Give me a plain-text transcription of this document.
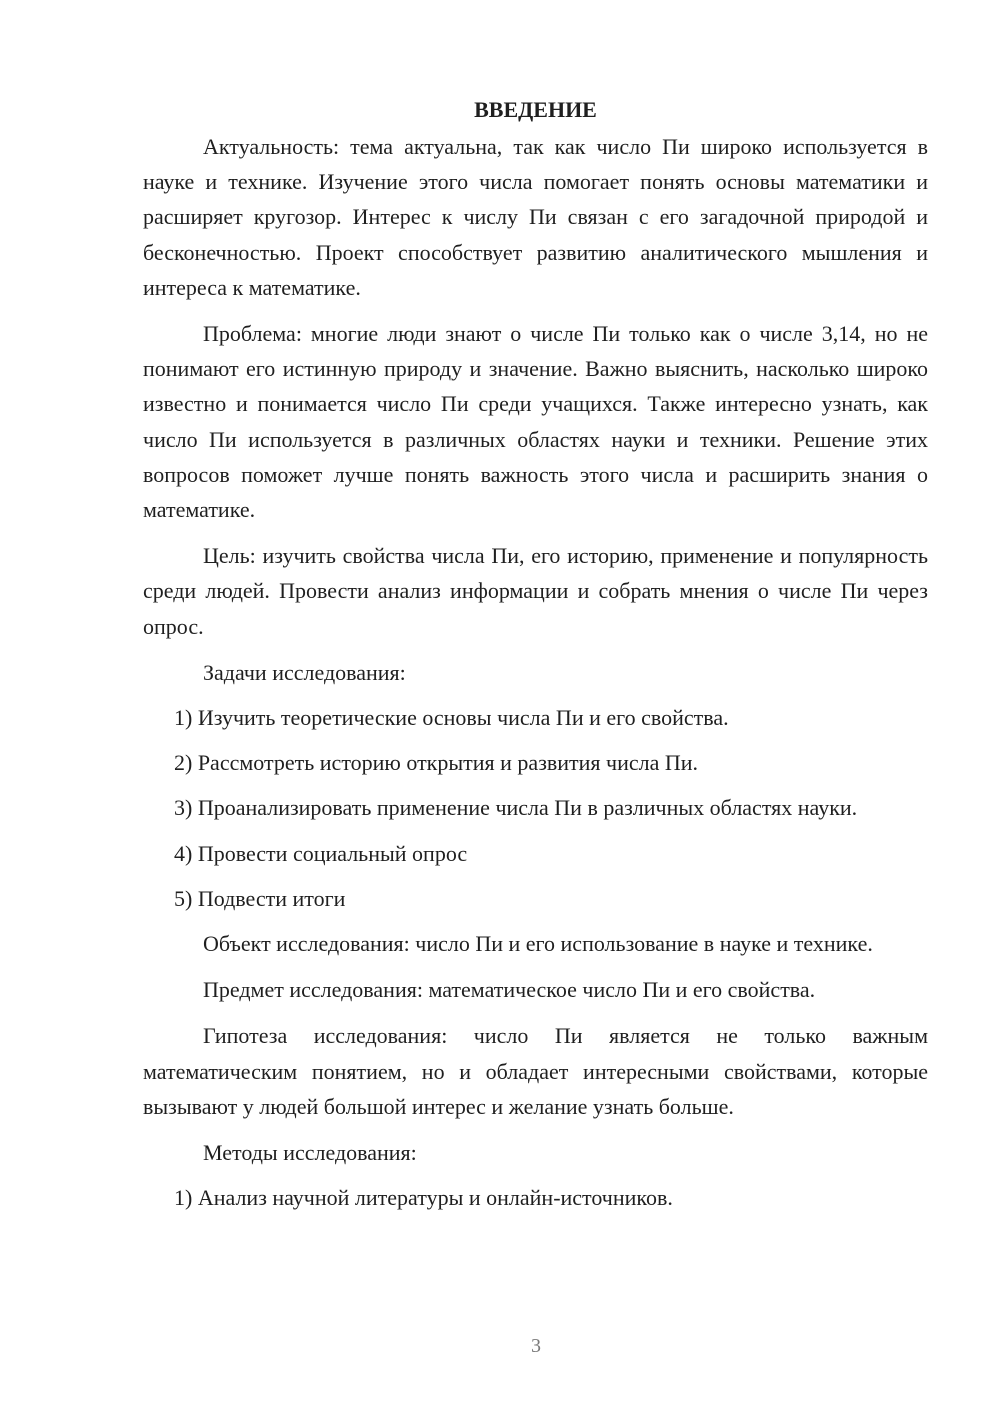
ВВЕДЕНИЕ

Актуальность: тема актуальна, так как число Пи широко используется в науке и технике. Изучение этого числа помогает понять основы математики и расширяет кругозор. Интерес к числу Пи связан с его загадочной природой и бесконечностью. Проект способствует развитию аналитического мышления и интереса к математике.

Проблема: многие люди знают о числе Пи только как о числе 3,14, но не понимают его истинную природу и значение. Важно выяснить, насколько широко известно и понимается число Пи среди учащихся. Также интересно узнать, как число Пи используется в различных областях науки и техники. Решение этих вопросов поможет лучше понять важность этого числа и расширить знания о математике.

Цель: изучить свойства числа Пи, его историю, применение и популярность среди людей. Провести анализ информации и собрать мнения о числе Пи через опрос.

Задачи исследования:

1) Изучить теоретические основы числа Пи и его свойства.

2) Рассмотреть историю открытия и развития числа Пи.

3) Проанализировать применение числа Пи в различных областях науки.

4) Провести социальный опрос

5) Подвести итоги

Объект исследования: число Пи и его использование в науке и технике.

Предмет исследования: математическое число Пи и его свойства.

Гипотеза исследования: число Пи является не только важным математическим понятием, но и обладает интересными свойствами, которые вызывают у людей большой интерес и желание узнать больше.

Методы исследования:

1) Анализ научной литературы и онлайн-источников.

3
